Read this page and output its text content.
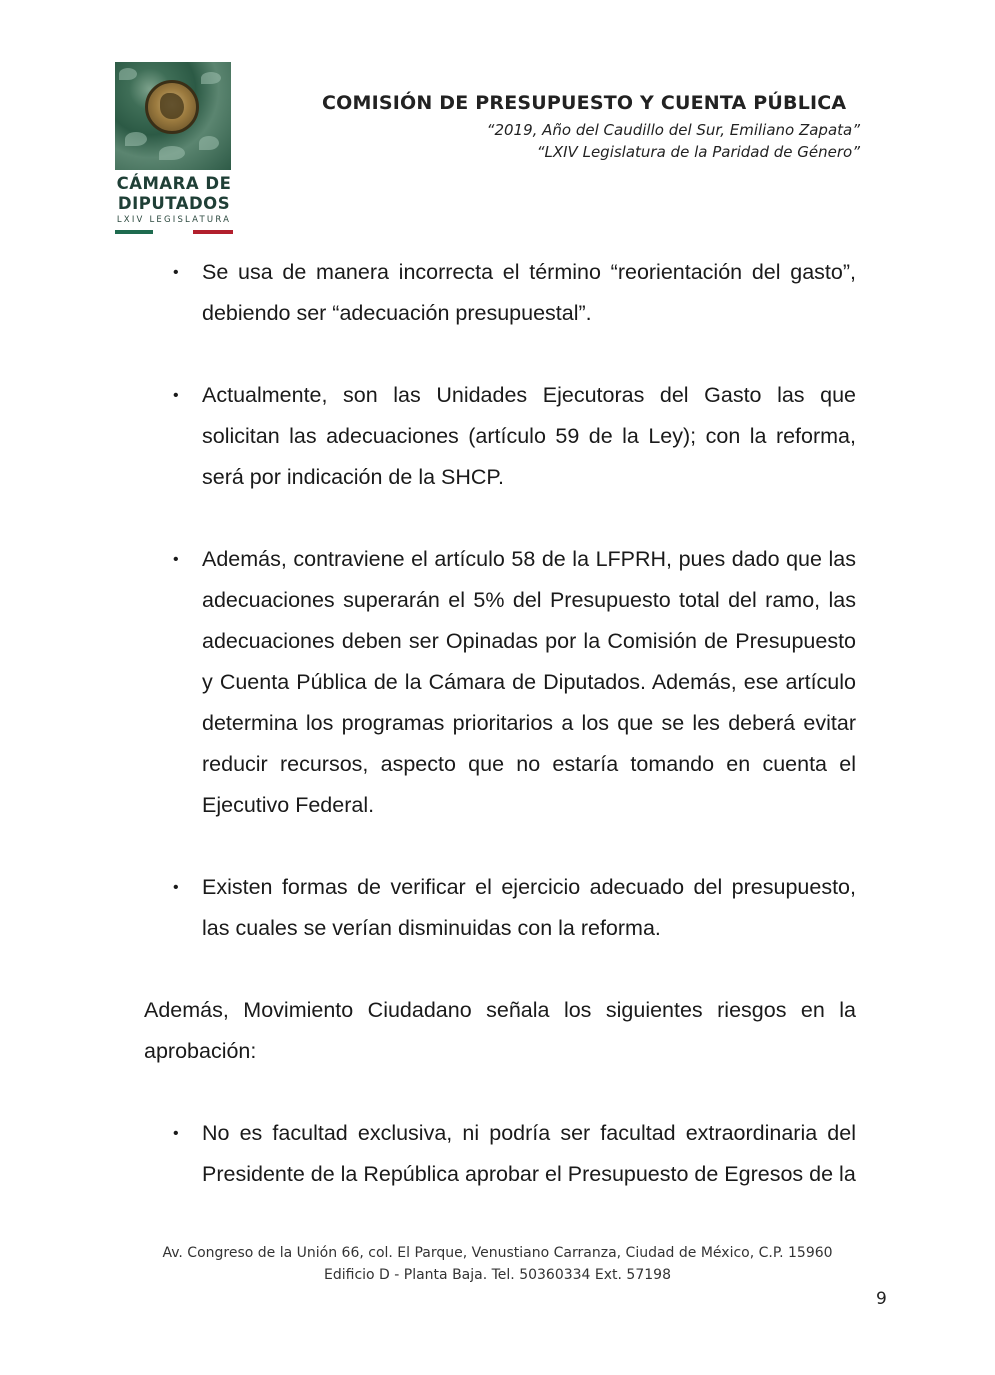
CÁMARA DE
DIPUTADOS
LXIV LEGISLATURA
COMISIÓN DE PRESUPUESTO Y CUENTA PÚBLICA
“2019, Año del Caudillo del Sur, Emiliano Zapata”
“LXIV Legislatura de la Paridad de Género”

• Se usa de manera incorrecta el término “reorientación del gasto”, debiendo ser “adecuación presupuestal”.

• Actualmente, son las Unidades Ejecutoras del Gasto las que solicitan las adecuaciones (artículo 59 de la Ley); con la reforma, será por indicación de la SHCP.

• Además, contraviene el artículo 58 de la LFPRH, pues dado que las adecuaciones superarán el 5% del Presupuesto total del ramo, las adecuaciones deben ser Opinadas por la Comisión de Presupuesto y Cuenta Pública de la Cámara de Diputados. Además, ese artículo determina los programas prioritarios a los que se les deberá evitar reducir recursos, aspecto que no estaría tomando en cuenta el Ejecutivo Federal.

• Existen formas de verificar el ejercicio adecuado del presupuesto, las cuales se verían disminuidas con la reforma.

Además, Movimiento Ciudadano señala los siguientes riesgos en la aprobación:

• No es facultad exclusiva, ni podría ser facultad extraordinaria del Presidente de la República aprobar el Presupuesto de Egresos de la

Av. Congreso de la Unión 66, col. El Parque, Venustiano Carranza, Ciudad de México, C.P. 15960
Edificio D - Planta Baja. Tel. 50360334 Ext. 57198
9
